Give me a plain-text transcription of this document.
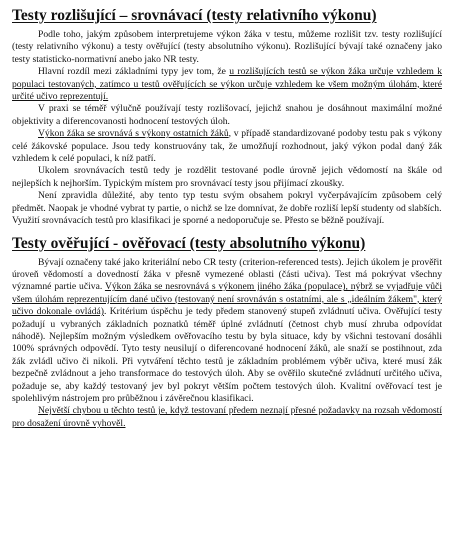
Testy rozlišující – srovnávací (testy relativního výkonu)

Podle toho, jakým způsobem interpretujeme výkon žáka v testu, můžeme rozlišit tzv. testy rozlišující (testy relativního výkonu) a testy ověřující (testy absolutního výkonu). Rozlišující bývají také označeny jako testy statisticko-normativní anebo jako NR testy.

Hlavní rozdíl mezi základními typy jev tom, že u rozlišujících testů se výkon žáka určuje vzhledem k populaci testovaných, zatímco u testů ověřujících se výkon určuje vzhledem ke všem možným úlohám, které určité učivo reprezentují.

V praxi se téměř výlučně používají testy rozlišovací, jejichž snahou je dosáhnout maximální možné objektivity a diferencovanosti hodnocení testových úloh.

Výkon žáka se srovnává s výkony ostatních žáků, v případě standardizované podoby testu pak s výkony celé žákovské populace. Jsou tedy konstruovány tak, že umožňují rozhodnout, jaký výkon podal daný žák vzhledem k celé populaci, k níž patří.

Ukolem srovnávacích testů tedy je rozdělit testované podle úrovně jejich vědomostí na škále od nejlepších k nejhorším. Typickým místem pro srovnávací testy jsou přijímací zkoušky.

Není zpravidla důležité, aby tento typ testu svým obsahem pokryl vyčerpávajícím způsobem celý předmět. Naopak je vhodné vybrat ty partie, o nichž se lze domnívat, že dobře rozliší lepší studenty od slabších.

Využití srovnávacích testů pro klasifikaci je sporné a nedoporučuje se. Přesto se běžně používají.

Testy ověřující - ověřovací (testy absolutního výkonu)

Bývají označeny také jako kriteriální nebo CR testy (criterion-referenced tests). Jejich úkolem je prověřit úroveň vědomostí a dovedností žáka v přesně vymezené oblasti (části učiva). Test má pokrývat všechny významné partie učiva. Výkon žáka se nesrovnává s výkonem jiného žáka (populace), nýbrž se vyjadřuje vůči všem úlohám reprezentujícím dané učivo (testovaný není srovnáván s ostatními, ale s „ideálním žákem", který učivo dokonale ovládá). Kritérium úspěchu je tedy předem stanovený stupeň zvládnutí učiva. Ověřující testy požadují u vybraných základních poznatků téměř úplné zvládnutí (četnost chyb musí zhruba odpovídat náhodě). Nejlepším možným výsledkem ověřovacího testu by byla situace, kdy by všichni testovaní dosáhli 100% správných odpovědí. Tyto testy neusilují o diferencované hodnocení žáků, ale snaží se postihnout, zda žák zvládl učivo či nikoli. Při vytváření těchto testů je základním problémem výběr učiva, které musí žák bezpečně zvládnout a jeho transformace do testových úloh. Aby se ověřilo skutečné zvládnutí určitého učiva, požaduje se, aby každý testovaný jev byl pokryt větším počtem testových úloh. Kvalitní ověřovací test je spolehlivým nástrojem pro průběžnou i závěrečnou klasifikaci.

Největší chybou u těchto testů je, když testovaní předem neznají přesné požadavky na rozsah vědomostí pro dosažení úrovně vyhověl.
